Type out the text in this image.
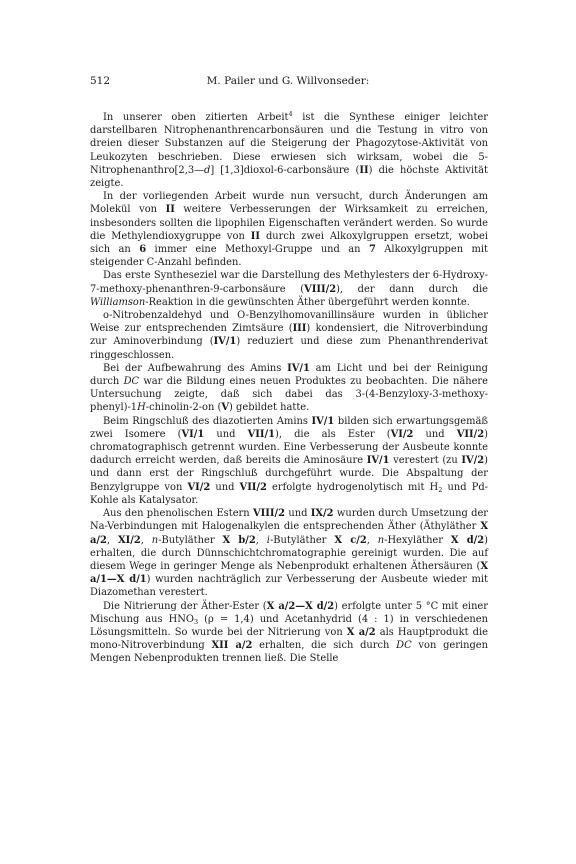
512	M. Pailer und G. Willvonseder:

In unserer oben zitierten Arbeit$^4$ ist die Synthese einiger leichter darstellbaren Nitrophenanthrencarbonsäuren und die Testung in vitro von dreien dieser Substanzen auf die Steigerung der Phagozytose-Aktivität von Leukozyten beschrieben. Diese erwiesen sich wirksam, wobei die 5-Nitrophenanthro[2,3—d] [1,3]dioxol-6-carbonsäure (II) die höchste Aktivität zeigte.

In der vorliegenden Arbeit wurde nun versucht, durch Änderungen am Molekül von II weitere Verbesserungen der Wirksamkeit zu erreichen, insbesonders sollten die lipophilen Eigenschaften verändert werden. So wurde die Methylendioxygruppe von II durch zwei Alkoxylgruppen ersetzt, wobei sich an 6 immer eine Methoxyl-Gruppe und an 7 Alkoxylgruppen mit steigender C-Anzahl befinden.

Das erste Syntheseziel war die Darstellung des Methylesters der 6-Hydroxy-7-methoxy-phenanthren-9-carbonsäure (VIII/2), der dann durch die Williamson-Reaktion in die gewünschten Äther übergeführt werden konnte.

o-Nitrobenzaldehyd und O-Benzylhomovanillinsäure wurden in üblicher Weise zur entsprechenden Zimtsäure (III) kondensiert, die Nitroverbindung zur Aminoverbindung (IV/1) reduziert und diese zum Phenanthrenderivat ringgeschlossen.

Bei der Aufbewahrung des Amins IV/1 am Licht und bei der Reinigung durch DC war die Bildung eines neuen Produktes zu beobachten. Die nähere Untersuchung zeigte, daß sich dabei das 3-(4-Benzyloxy-3-methoxy-phenyl)-1H-chinolin-2-on (V) gebildet hatte.

Beim Ringschluß des diazotierten Amins IV/1 bilden sich erwartungsgemäß zwei Isomere (VI/1 und VII/1), die als Ester (VI/2 und VII/2) chromatographisch getrennt wurden. Eine Verbesserung der Ausbeute konnte dadurch erreicht werden, daß bereits die Aminosäure IV/1 verestert (zu IV/2) und dann erst der Ringschluß durchgeführt wurde. Die Abspaltung der Benzylgruppe von VI/2 und VII/2 erfolgte hydrogenolytisch mit $H_2$ und Pd-Kohle als Katalysator.

Aus den phenolischen Estern VIII/2 und IX/2 wurden durch Umsetzung der Na-Verbindungen mit Halogenalkylen die entsprechenden Äther (Äthyläther X a/2, XI/2, n-Butyläther X b/2, i-Butyläther X c/2, n-Hexyläther X d/2) erhalten, die durch Dünnschichtchromatographie gereinigt wurden. Die auf diesem Wege in geringer Menge als Nebenprodukt erhaltenen Äthersäuren (X a/1—X d/1) wurden nachträglich zur Verbesserung der Ausbeute wieder mit Diazomethan verestert.

Die Nitrierung der Äther-Ester (X a/2—X d/2) erfolgte unter 5 °C mit einer Mischung aus $HNO_3$ (ρ = 1,4) und Acetanhydrid (4 : 1) in verschiedenen Lösungsmitteln. So wurde bei der Nitrierung von X a/2 als Hauptprodukt die mono-Nitroverbindung XII a/2 erhalten, die sich durch DC von geringen Mengen Nebenprodukten trennen ließ. Die Stelle
